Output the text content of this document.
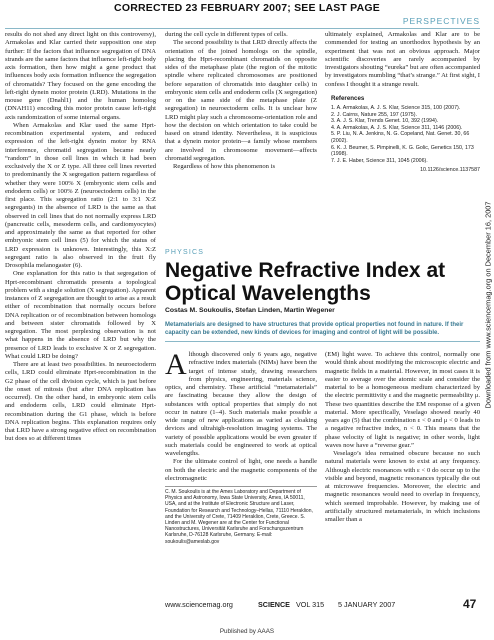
CORRECTED 23 FEBRUARY 2007; SEE LAST PAGE
PERSPECTIVES

results do not shed any direct light on this controversy), Armakolas and Klar carried their supposition one step further: If the factors that influence segregation of DNA strands are the same factors that influence left-right body axis formation, then how might a gene product that influences body axis formation influence the segregation of chromatids? They focused on the gene encoding the left-right dynein motor protein (LRD). Mutations in the mouse gene (Dnahl1) and the human homolog (DNAH11) encoding this motor protein cause left-right axis randomization of some internal organs.

When Armakolas and Klar used the same Hprt-recombination experimental system, and reduced expression of the left-right dynein motor by RNA interference, chromatid segregation became nearly “random” in those cell lines in which it had been exclusively the X or Z type. All three cell lines reverted to predominantly the X segregation pattern regardless of whether they were 100% X (embryonic stem cells and endoderm cells) or 100% Z (neuroectoderm cells) in the first place. This segregation ratio (2:1 to 3:1 X:Z segregants) in the absence of LRD is the same as that observed in cell lines that do not normally express LRD (pancreatic cells, mesoderm cells, and cardiomyocytes) and approximately the same as that reported for other embryonic stem cell lines (5) for which the status of LRD expression is unknown. Interestingly, this X:Z segregant ratio is also observed in the fruit fly Drosophila melanogaster (6).

One explanation for this ratio is that segregation of Hprt-recombinant chromatids presents a topological problem with a single solution (X segregation). Apparent instances of Z segregation are thought to arise as a result either of recombination that normally occurs before DNA replication or of recombination between homologs and between sister chromatids followed by X segregation. The most perplexing observation is not what happens in the absence of LRD but why the presence of LRD leads to exclusive X or Z segregation. What could LRD be doing?

There are at least two possibilities. In neuroectoderm cells, LRD could eliminate Hprt-recombination in the G2 phase of the cell division cycle, which is just before the onset of mitosis (but after DNA replication has occurred). On the other hand, in embryonic stem cells and endoderm cells, LRD could eliminate Hprt-recombination during the G1 phase, which is before DNA replication begins. This explanation requires only that LRD have a strong negative effect on recombination but does so at different times

during the cell cycle in different types of cells.

The second possibility is that LRD directly affects the orientation of the joined homologs on the spindle, placing the Hprt-recombinant chromatids on opposite sides of the metaphase plate (the region of the mitotic spindle where replicated chromosomes are positioned before separation of chromatids into daughter cells) in embryonic stem cells and endoderm cells (X segregation) or on the same side of the metaphase plate (Z segregation) in neuroectoderm cells. It is unclear how LRD might play such a chromosome-orientation role and how the decision on which orientation to take could be based on strand identity. Nevertheless, it is suspicious that a dynein motor protein—a family whose members are involved in chromosome movement—affects chromatid segregation.

Regardless of how this phenomenon is

ultimately explained, Armakolas and Klar are to be commended for testing an unorthodox hypothesis by an experiment that was not an obvious approach. Major scientific discoveries are rarely accompanied by investigators shouting “eureka” but are often accompanied by investigators mumbling “that’s strange.” At first sight, I confess I thought it a strange result.

References
1. A. Armakolas, A. J. S. Klar, Science 315, 100 (2007).
2. J. Cairns, Nature 255, 197 (1975).
3. A. J. S. Klar, Trends Genet. 10, 392 (1994).
4. A. Armakolas, A. J. S. Klar, Science 311, 1146 (2006).
5. P. Liu, N. A. Jenkins, N. G. Copeland, Nat. Genet. 30, 66 (2002).
6. K. J. Beumer, S. Pimpinelli, K. G. Golic, Genetics 150, 173 (1998).
7. J. E. Haber, Science 311, 1045 (2006).
10.1126/science.1137587
PHYSICS
Negative Refractive Index at Optical Wavelengths
Costas M. Soukoulis, Stefan Linden, Martin Wegener
Metamaterials are designed to have structures that provide optical properties not found in nature. If their capacity can be extended, new kinds of devices for imaging and control of light will be possible.

Although discovered only 6 years ago, negative refractive index materials (NIMs) have been the target of intense study, drawing researchers from physics, engineering, materials science, optics, and chemistry. These artificial “metamaterials” are fascinating because they allow the design of substances with optical properties that simply do not occur in nature (1–4). Such materials make possible a wide range of new applications as varied as cloaking devices and ultrahigh-resolution imaging systems. The variety of possible applications would be even greater if such materials could be engineered to work at optical wavelengths.

For the ultimate control of light, one needs a handle on both the electric and the magnetic components of the electromagnetic

C. M. Soukoulis is at the Ames Laboratory and Department of Physics and Astronomy, Iowa State University, Ames, IA 50011, USA, and at the Institute of Electronic Structure and Laser, Foundation for Research and Technology–Hellas, 71110 Heraklion, and the University of Crete, 71409 Heraklion, Crete, Greece. S. Linden and M. Wegener are at the Center for Functional Nanostructures, Universität Karlsruhe and Forschungszentrum Karlsruhe, D-76128 Karlsruhe, Germany. E-mail: soukoulis@ameslab.gov

(EM) light wave. To achieve this control, normally one would think about modifying the microscopic electric and magnetic fields in a material. However, in most cases it is easier to average over the atomic scale and consider the material to be a homogeneous medium characterized by the electric permittivity ε and the magnetic permeability μ. These two quantities describe the EM response of a given material. More specifically, Veselago showed nearly 40 years ago (5) that the combination ε < 0 and μ < 0 leads to a negative refractive index, n < 0. This means that the phase velocity of light is negative; in other words, light waves now have a “reverse gear.”

Veselago’s idea remained obscure because no such natural materials were known to exist at any frequency. Although electric resonances with ε < 0 do occur up to the visible and beyond, magnetic resonances typically die out at microwave frequencies. Moreover, the electric and magnetic resonances would need to overlap in frequency, which seemed improbable. However, by making use of artificially structured metamaterials, in which inclusions smaller than a

Downloaded from www.sciencemag.org on December 16, 2007
www.sciencemag.org	SCIENCE VOL 315 5 JANUARY 2007	47
Published by AAAS
